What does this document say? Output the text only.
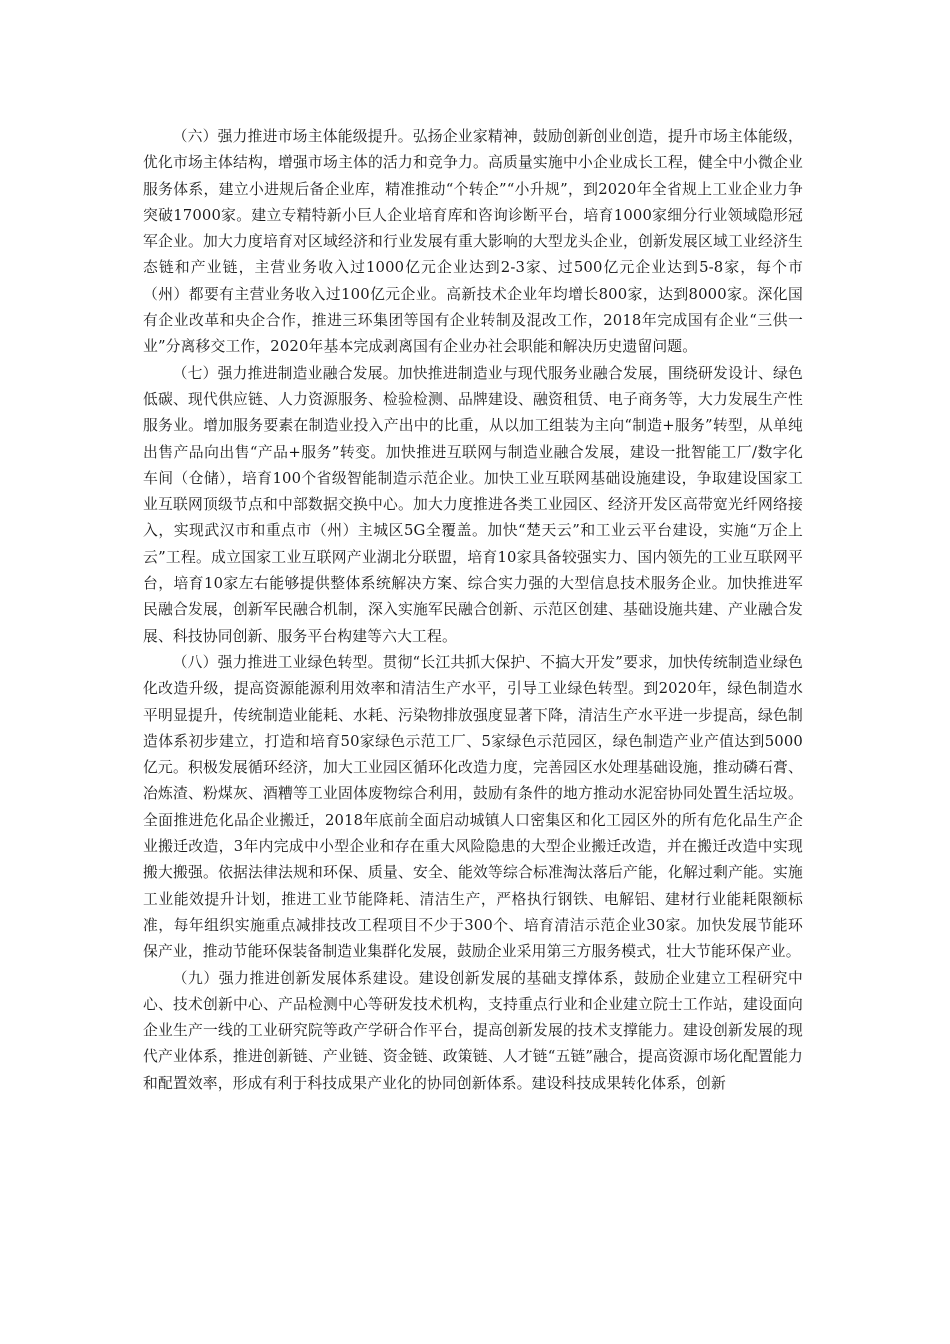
（六）强力推进市场主体能级提升。弘扬企业家精神，鼓励创新创业创造，提升市场主体能级，优化市场主体结构，增强市场主体的活力和竞争力。高质量实施中小企业成长工程，健全中小微企业服务体系，建立小进规后备企业库，精准推动“个转企”“小升规”，到2020年全省规上工业企业力争突破17000家。建立专精特新小巨人企业培育库和咨询诊断平台，培育1000家细分行业领域隐形冠军企业。加大力度培育对区域经济和行业发展有重大影响的大型龙头企业，创新发展区域工业经济生态链和产业链，主营业务收入过1000亿元企业达到2-3家、过500亿元企业达到5-8家，每个市（州）都要有主营业务收入过100亿元企业。高新技术企业年均增长800家，达到8000家。深化国有企业改革和央企合作，推进三环集团等国有企业转制及混改工作，2018年完成国有企业“三供一业”分离移交工作，2020年基本完成剥离国有企业办社会职能和解决历史遗留问题。

（七）强力推进制造业融合发展。加快推进制造业与现代服务业融合发展，围绕研发设计、绿色低碳、现代供应链、人力资源服务、检验检测、品牌建设、融资租赁、电子商务等，大力发展生产性服务业。增加服务要素在制造业投入产出中的比重，从以加工组装为主向“制造+服务”转型，从单纯出售产品向出售“产品+服务”转变。加快推进互联网与制造业融合发展，建设一批智能工厂/数字化车间（仓储），培育100个省级智能制造示范企业。加快工业互联网基础设施建设，争取建设国家工业互联网顶级节点和中部数据交换中心。加大力度推进各类工业园区、经济开发区高带宽光纤网络接入，实现武汉市和重点市（州）主城区5G全覆盖。加快“楚天云”和工业云平台建设，实施“万企上云”工程。成立国家工业互联网产业湖北分联盟，培育10家具备较强实力、国内领先的工业互联网平台，培育10家左右能够提供整体系统解决方案、综合实力强的大型信息技术服务企业。加快推进军民融合发展，创新军民融合机制，深入实施军民融合创新、示范区创建、基础设施共建、产业融合发展、科技协同创新、服务平台构建等六大工程。

（八）强力推进工业绿色转型。贯彻“长江共抓大保护、不搞大开发”要求，加快传统制造业绿色化改造升级，提高资源能源利用效率和清洁生产水平，引导工业绿色转型。到2020年，绿色制造水平明显提升，传统制造业能耗、水耗、污染物排放强度显著下降，清洁生产水平进一步提高，绿色制造体系初步建立，打造和培育50家绿色示范工厂、5家绿色示范园区，绿色制造产业产值达到5000亿元。积极发展循环经济，加大工业园区循环化改造力度，完善园区水处理基础设施，推动磷石膏、冶炼渣、粉煤灰、酒糟等工业固体废物综合利用，鼓励有条件的地方推动水泥窑协同处置生活垃圾。全面推进危化品企业搬迁，2018年底前全面启动城镇人口密集区和化工园区外的所有危化品生产企业搬迁改造，3年内完成中小型企业和存在重大风险隐患的大型企业搬迁改造，并在搬迁改造中实现搬大搬强。依据法律法规和环保、质量、安全、能效等综合标准淘汰落后产能，化解过剩产能。实施工业能效提升计划，推进工业节能降耗、清洁生产，严格执行钢铁、电解铝、建材行业能耗限额标准，每年组织实施重点减排技改工程项目不少于300个、培育清洁示范企业30家。加快发展节能环保产业，推动节能环保装备制造业集群化发展，鼓励企业采用第三方服务模式，壮大节能环保产业。

（九）强力推进创新发展体系建设。建设创新发展的基础支撑体系，鼓励企业建立工程研究中心、技术创新中心、产品检测中心等研发技术机构，支持重点行业和企业建立院士工作站，建设面向企业生产一线的工业研究院等政产学研合作平台，提高创新发展的技术支撑能力。建设创新发展的现代产业体系，推进创新链、产业链、资金链、政策链、人才链“五链”融合，提高资源市场化配置能力和配置效率，形成有利于科技成果产业化的协同创新体系。建设科技成果转化体系，创新
